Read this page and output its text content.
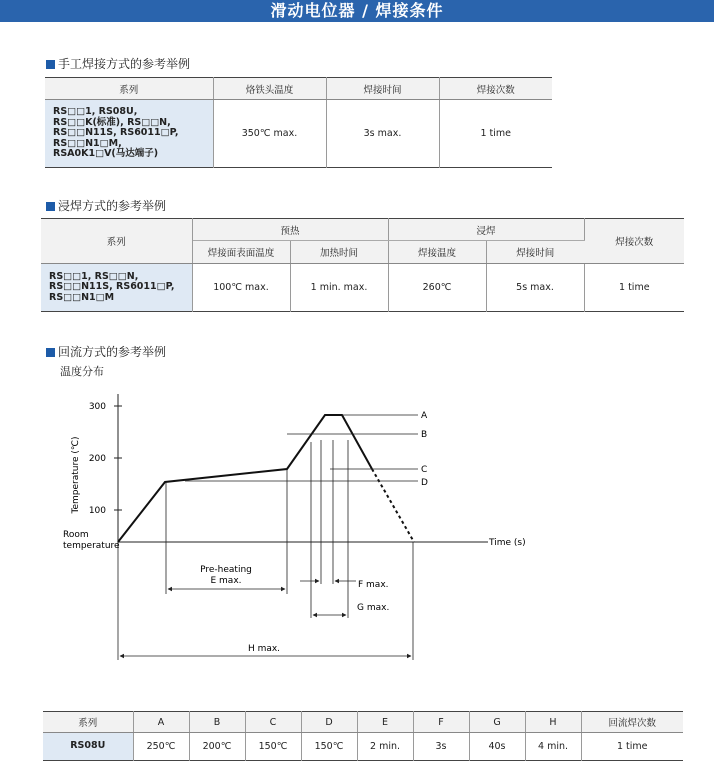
滑动电位器 / 焊接条件
手工焊接方式的参考举例
系列	烙铁头温度	焊接时间	焊接次数

RS□□1, RS08U,
RS□□K(标准), RS□□N,
RS□□N11S, RS6011□P,
RS□□N1□M,
RSA0K1□V(马达端子)	350℃ max.	3s max.	1 time
浸焊方式的参考举例
系列	预热		浸焊		焊接次数
	焊接面表面温度	加热时间	焊接温度	焊接时间	

RS□□1, RS□□N,
RS□□N11S, RS6011□P,
RS□□N1□M	100℃ max.	1 min. max.	260℃	5s max.	1 time
回流方式的参考举例
温度分布
300
200
100
Temperature (℃)
Room
temperature	Time (s)
A
B
C
D
Pre-heating
E max.	F max.
G max.
H max.
系列	A	B	C	D	E	F	G	H	回流焊次数
RS08U	250℃	200℃	150℃	150℃	2 min.	3s	40s	4 min.	1 time
